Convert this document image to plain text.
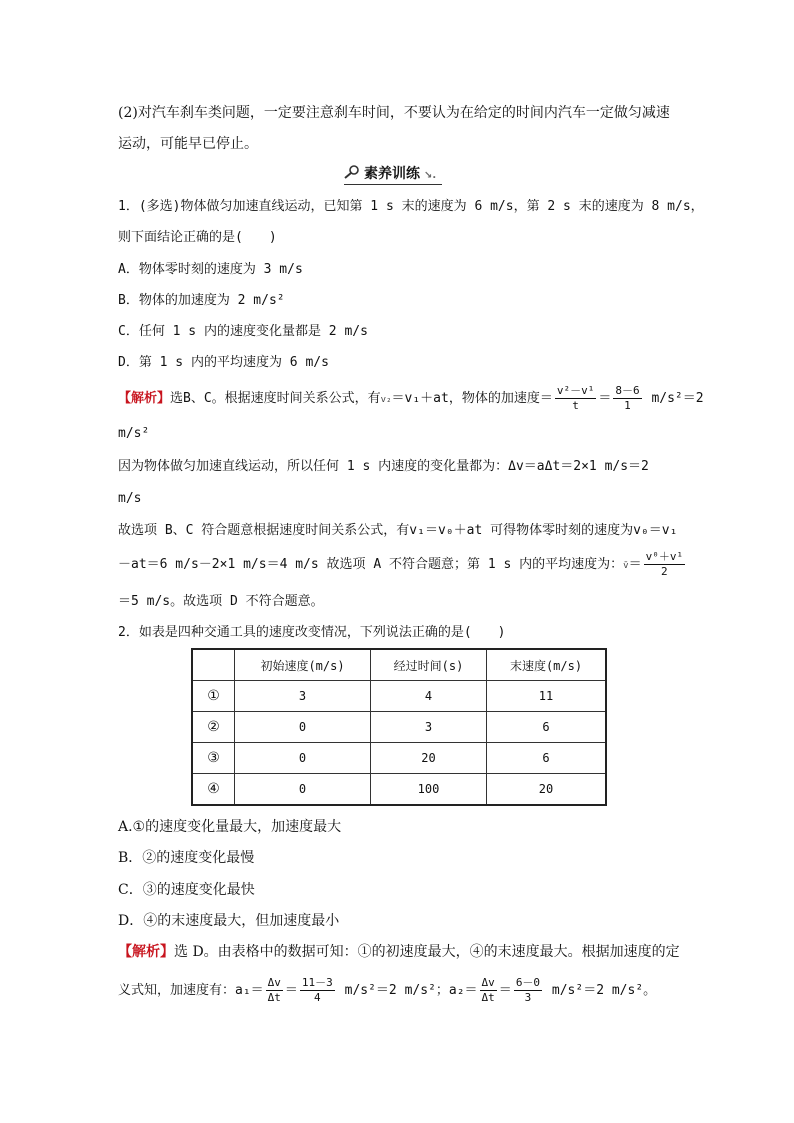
(2)对汽车刹车类问题，一定要注意刹车时间，不要认为在给定的时间内汽车一定做匀减速
运动，可能早已停止。
素养训练 ↘.
1．(多选)物体做匀加速直线运动，已知第 1 s 末的速度为 6 m/s，第 2 s 末的速度为 8 m/s，
则下面结论正确的是(　　)
A．物体零时刻的速度为 3 m/s
B．物体的加速度为 2 m/s²
C．任何 1 s 内的速度变化量都是 2 m/s
D．第 1 s 内的平均速度为 6 m/s
【解析】选B、C。根据速度时间关系公式，有v₂＝v₁＋at，物体的加速度＝ $\frac{\text{v²－v¹}}{t} = \frac{8-6}{1} m/s^2=2$
m/s²
因为物体做匀加速直线运动，所以任何 1 s 内速度的变化量都为：Δv＝aΔt＝2×1 m/s＝2
m/s
故选项 B、C 符合题意根据速度时间关系公式，有v₁＝v₀＋at 可得物体零时刻的速度为v₀＝v₁
－at＝6 m/s－2×1 m/s＝4 m/s 故选项 A 不符合题意；第 1 s 内的平均速度为：v̄＝ $\frac{\text{v⁰＋v¹}}{2}$
＝5 m/s。故选项 D 不符合题意。
2．如表是四种交通工具的速度改变情况，下列说法正确的是(　　)
	初始速度(m/s)	经过时间(s)	末速度(m/s)
①	3	4	11
②	0	3	6
③	0	20	6
④	0	100	20
A.①的速度变化量最大，加速度最大
B．②的速度变化最慢
C．③的速度变化最快
D．④的末速度最大，但加速度最小
【解析】选 D。由表格中的数据可知：①的初速度最大，④的末速度最大。根据加速度的定
义式知，加速度有：$a_1= \frac{\Delta v}{\Delta t} = \frac{11-3}{4} m/s^2=2$ m/s²；$a_2= \frac{\Delta v}{\Delta t} = \frac{6-0}{3} m/s^2=2$ m/s²。
